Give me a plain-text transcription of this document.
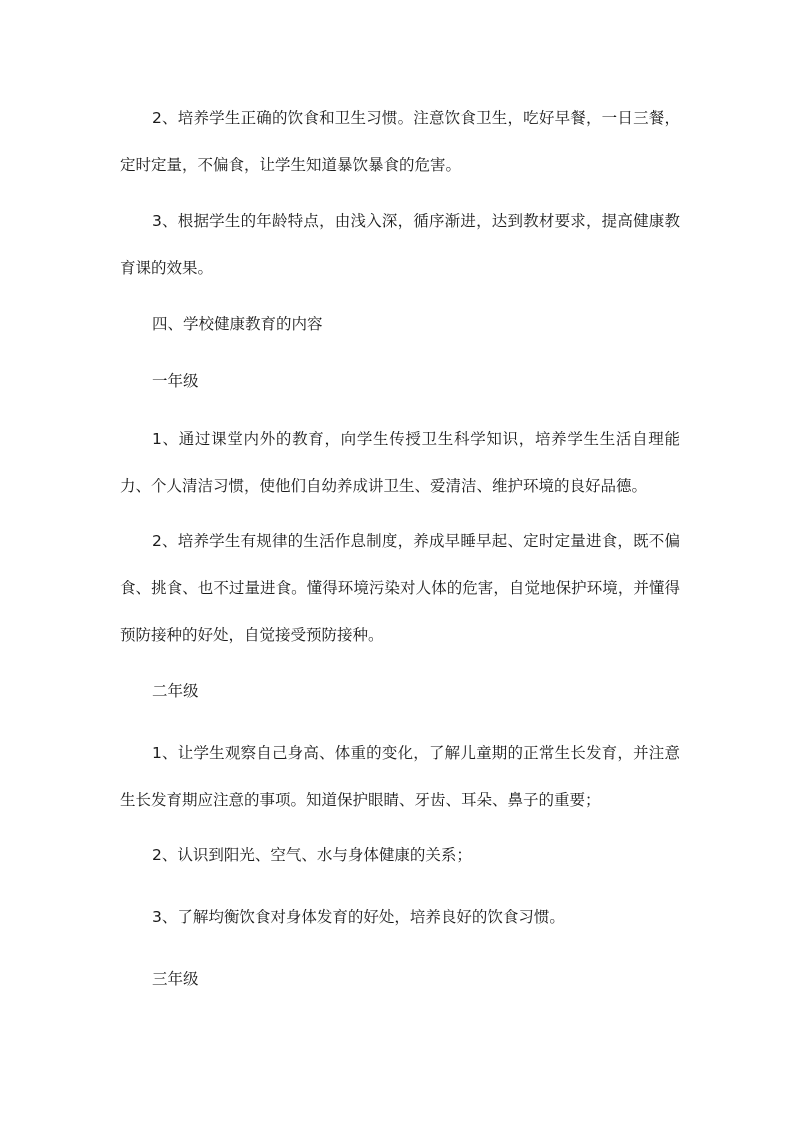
2、培养学生正确的饮食和卫生习惯。注意饮食卫生，吃好早餐，一日三餐，定时定量，不偏食，让学生知道暴饮暴食的危害。

3、根据学生的年龄特点，由浅入深，循序渐进，达到教材要求，提高健康教育课的效果。

四、学校健康教育的内容

一年级

1、通过课堂内外的教育，向学生传授卫生科学知识，培养学生生活自理能力、个人清洁习惯，使他们自幼养成讲卫生、爱清洁、维护环境的良好品德。

2、培养学生有规律的生活作息制度，养成早睡早起、定时定量进食，既不偏食、挑食、也不过量进食。懂得环境污染对人体的危害，自觉地保护环境，并懂得预防接种的好处，自觉接受预防接种。

二年级

1、让学生观察自己身高、体重的变化，了解儿童期的正常生长发育，并注意生长发育期应注意的事项。知道保护眼睛、牙齿、耳朵、鼻子的重要；

2、认识到阳光、空气、水与身体健康的关系；

3、了解均衡饮食对身体发育的好处，培养良好的饮食习惯。

三年级
